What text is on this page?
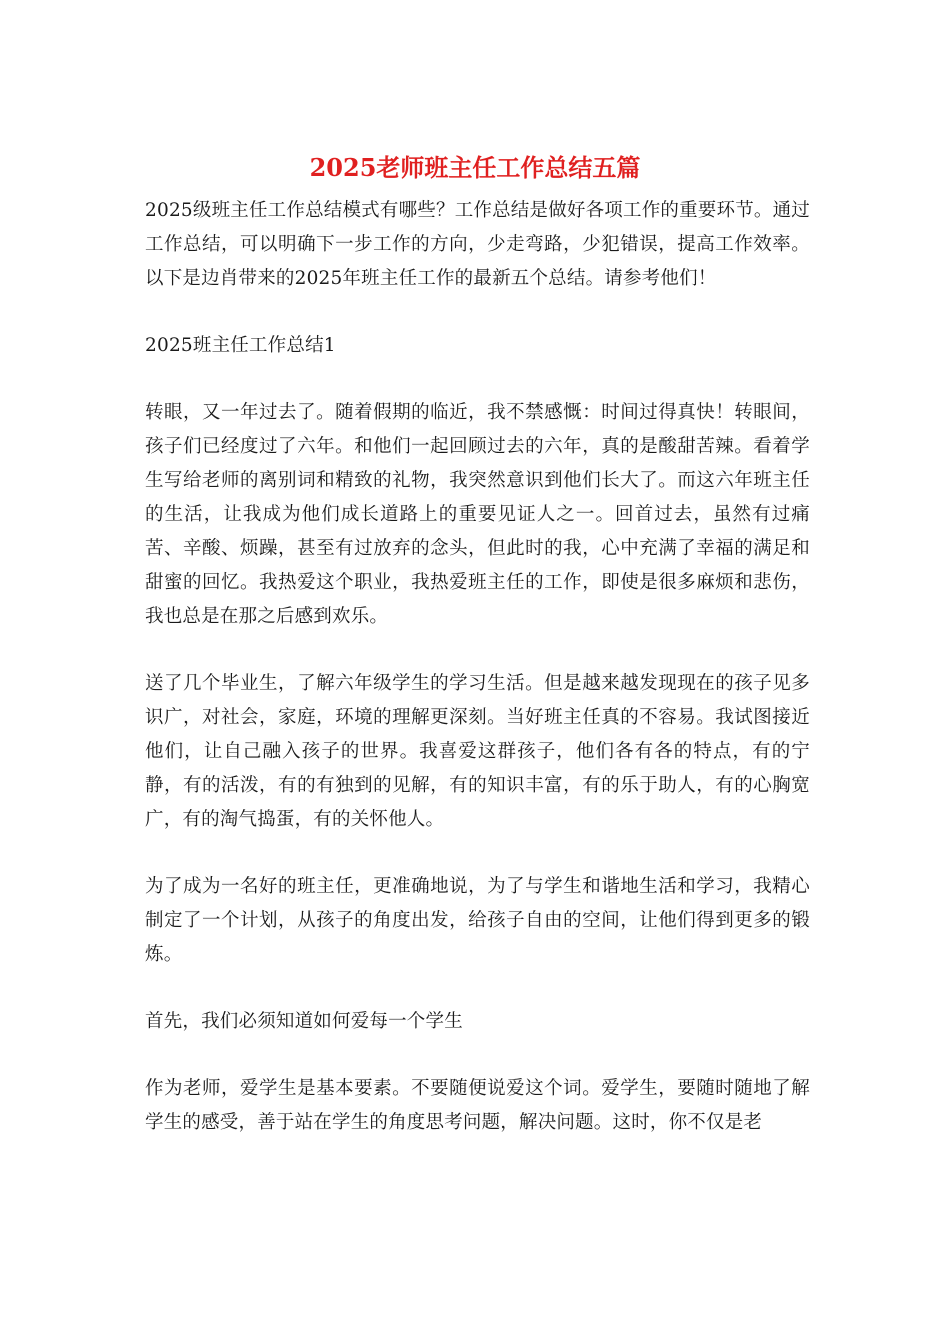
2025老师班主任工作总结五篇

2025级班主任工作总结模式有哪些？工作总结是做好各项工作的重要环节。通过工作总结，可以明确下一步工作的方向，少走弯路，少犯错误，提高工作效率。以下是边肖带来的2025年班主任工作的最新五个总结。请参考他们！

2025班主任工作总结1

转眼，又一年过去了。随着假期的临近，我不禁感慨：时间过得真快！转眼间，孩子们已经度过了六年。和他们一起回顾过去的六年，真的是酸甜苦辣。看着学生写给老师的离别词和精致的礼物，我突然意识到他们长大了。而这六年班主任的生活，让我成为他们成长道路上的重要见证人之一。回首过去，虽然有过痛苦、辛酸、烦躁，甚至有过放弃的念头，但此时的我，心中充满了幸福的满足和甜蜜的回忆。我热爱这个职业，我热爱班主任的工作，即使是很多麻烦和悲伤，我也总是在那之后感到欢乐。

送了几个毕业生，了解六年级学生的学习生活。但是越来越发现现在的孩子见多识广，对社会，家庭，环境的理解更深刻。当好班主任真的不容易。我试图接近他们，让自己融入孩子的世界。我喜爱这群孩子，他们各有各的特点，有的宁静，有的活泼，有的有独到的见解，有的知识丰富，有的乐于助人，有的心胸宽广，有的淘气捣蛋，有的关怀他人。

为了成为一名好的班主任，更准确地说，为了与学生和谐地生活和学习，我精心制定了一个计划，从孩子的角度出发，给孩子自由的空间，让他们得到更多的锻炼。

首先，我们必须知道如何爱每一个学生

作为老师，爱学生是基本要素。不要随便说爱这个词。爱学生，要随时随地了解学生的感受，善于站在学生的角度思考问题，解决问题。这时，你不仅是老
